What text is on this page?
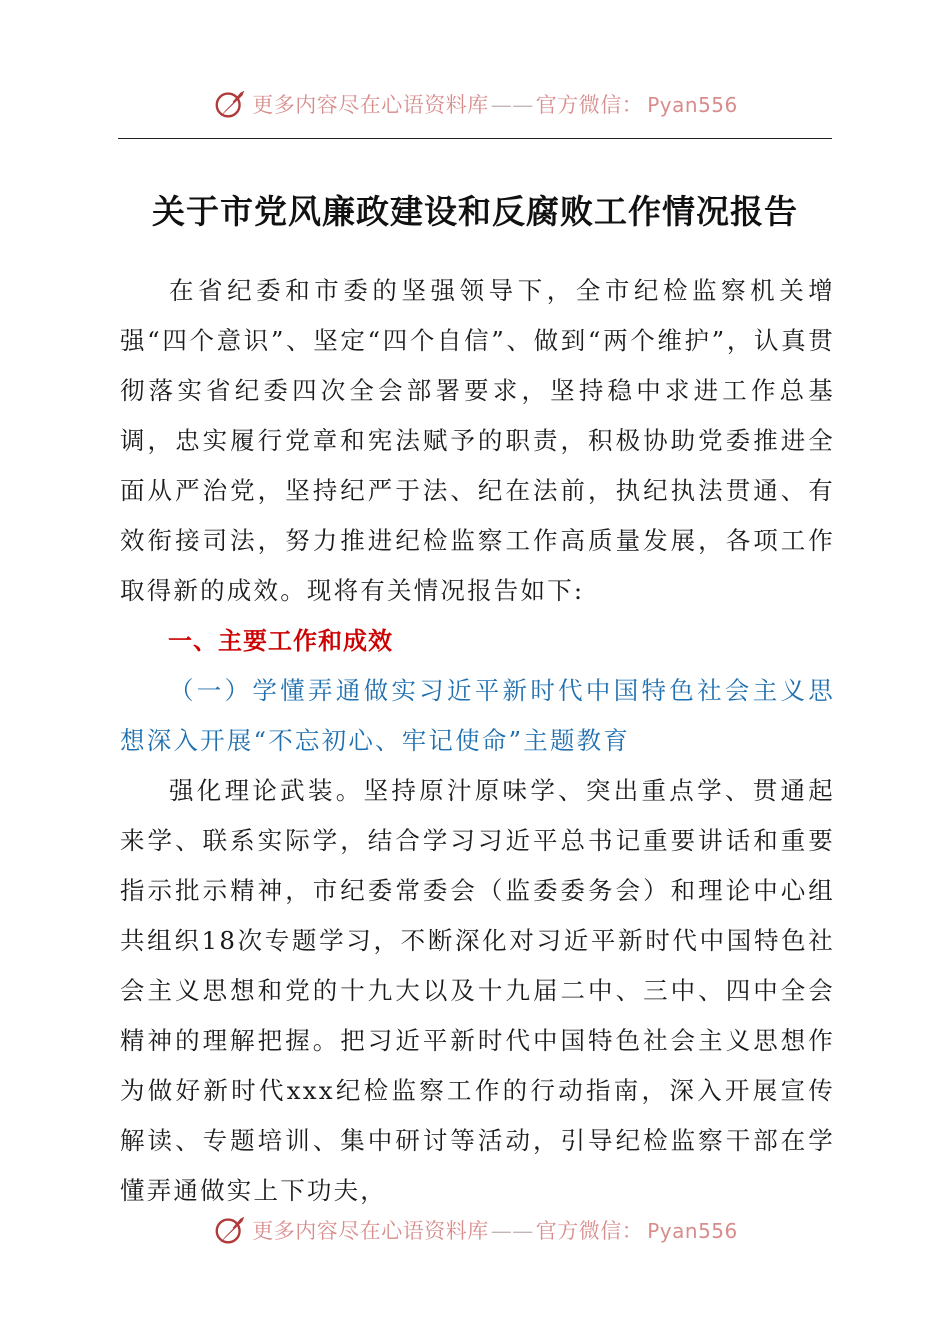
更多内容尽在心语资料库——官方微信： Pyan556
关于市党风廉政建设和反腐败工作情况报告

在省纪委和市委的坚强领导下，全市纪检监察机关增强“四个意识”、坚定“四个自信”、做到“两个维护”，认真贯彻落实省纪委四次全会部署要求，坚持稳中求进工作总基调，忠实履行党章和宪法赋予的职责，积极协助党委推进全面从严治党，坚持纪严于法、纪在法前，执纪执法贯通、有效衔接司法，努力推进纪检监察工作高质量发展，各项工作取得新的成效。现将有关情况报告如下:

一、主要工作和成效

（一）学懂弄通做实习近平新时代中国特色社会主义思想深入开展“不忘初心、牢记使命”主题教育

强化理论武装。坚持原汁原味学、突出重点学、贯通起来学、联系实际学，结合学习习近平总书记重要讲话和重要指示批示精神，市纪委常委会（监委委务会）和理论中心组共组织18次专题学习，不断深化对习近平新时代中国特色社会主义思想和党的十九大以及十九届二中、三中、四中全会精神的理解把握。把习近平新时代中国特色社会主义思想作为做好新时代xxx纪检监察工作的行动指南，深入开展宣传解读、专题培训、集中研讨等活动，引导纪检监察干部在学懂弄通做实上下功夫，

更多内容尽在心语资料库——官方微信： Pyan556
